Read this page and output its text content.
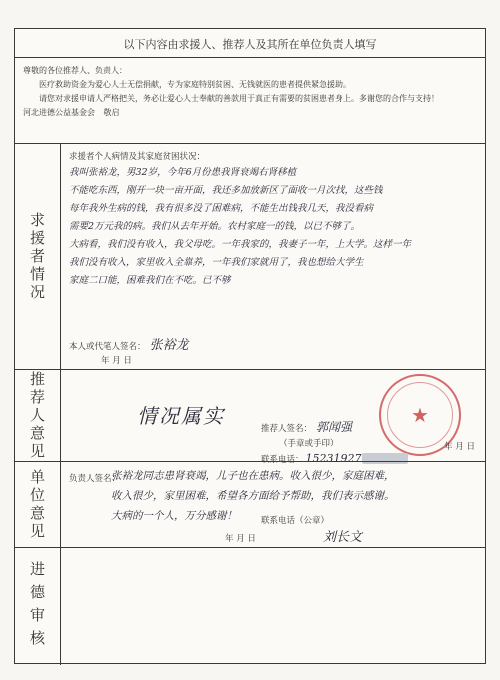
以下内容由求援人、推荐人及其所在单位负责人填写

尊敬的各位推荐人、负责人：

医疗救助资金为爱心人士无偿捐献，专为家庭特别贫困、无钱就医的患者提供紧急援助。

请您对求援申请人严格把关，务必让爱心人士奉献的善款用于真正有需要的贫困患者身上。多谢您的合作与支持！

河北进德公益基金会 敬启

求援者情况
求援者个人病情及其家庭贫困状况：
我叫张裕龙，男32岁，今年6月份患我肾衰竭右肾移植
不能吃东西，刚开一块一亩开面，我还多加放新区了面收一月次找，这些钱
每年我外生病的钱，我有很多没了困难病，不能生出钱我几天，我没看病
需要2万元我的病。我们从去年开始。农村家庭一的钱，以已不够了。
大病看，我们没有收入，我父母吃。一年我家的，我妻子一年，上大学。这样一年
我们没有收入，家里收入全靠养，一年我们家就用了，我也想给大学生
家庭二口能，困难我们在不吃。已不够
本人或代笔人签名： 张裕龙
年 月 日
推荐人意见	情况属实	★
推荐人签名： 郭闻强
（手章或手印）
联系电话： 15231927
年 月 日
单位意见	负责人签名：
张裕龙同志患肾衰竭，儿子也在患病。收入很少，家庭困难，
收入很少，家里困难，希望各方面给予帮助，我们表示感谢。
大病的一个人，万分感谢！	联系电话（公章）
年 月 日	刘长文
进德审核
